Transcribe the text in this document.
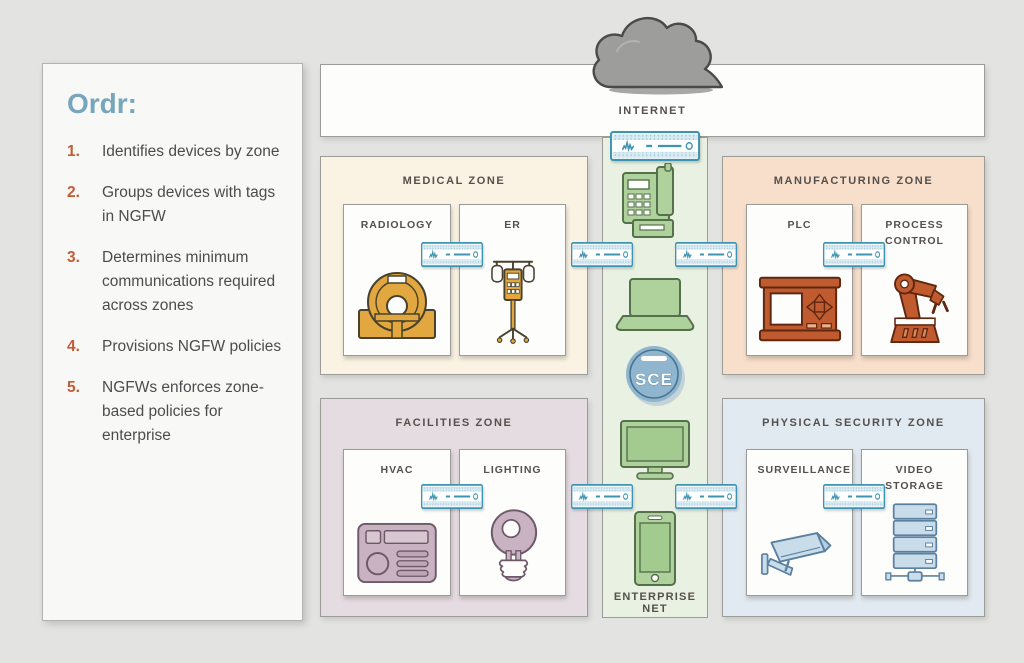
Ordr:
1.	Identifies devices by zone
2.	Groups devices with tags in NGFW
3.	Determines minimum communications required across zones
4.	Provisions NGFW policies
5.	NGFWs enforces zone-based policies for enterprise
INTERNET
SCE
ENTERPRISE NET
MEDICAL ZONE
RADIOLOGY	ER
MANUFACTURING ZONE
PLC	PROCESS CONTROL
FACILITIES ZONE
HVAC	LIGHTING
PHYSICAL SECURITY ZONE
SURVEILLANCE	VIDEO STORAGE
